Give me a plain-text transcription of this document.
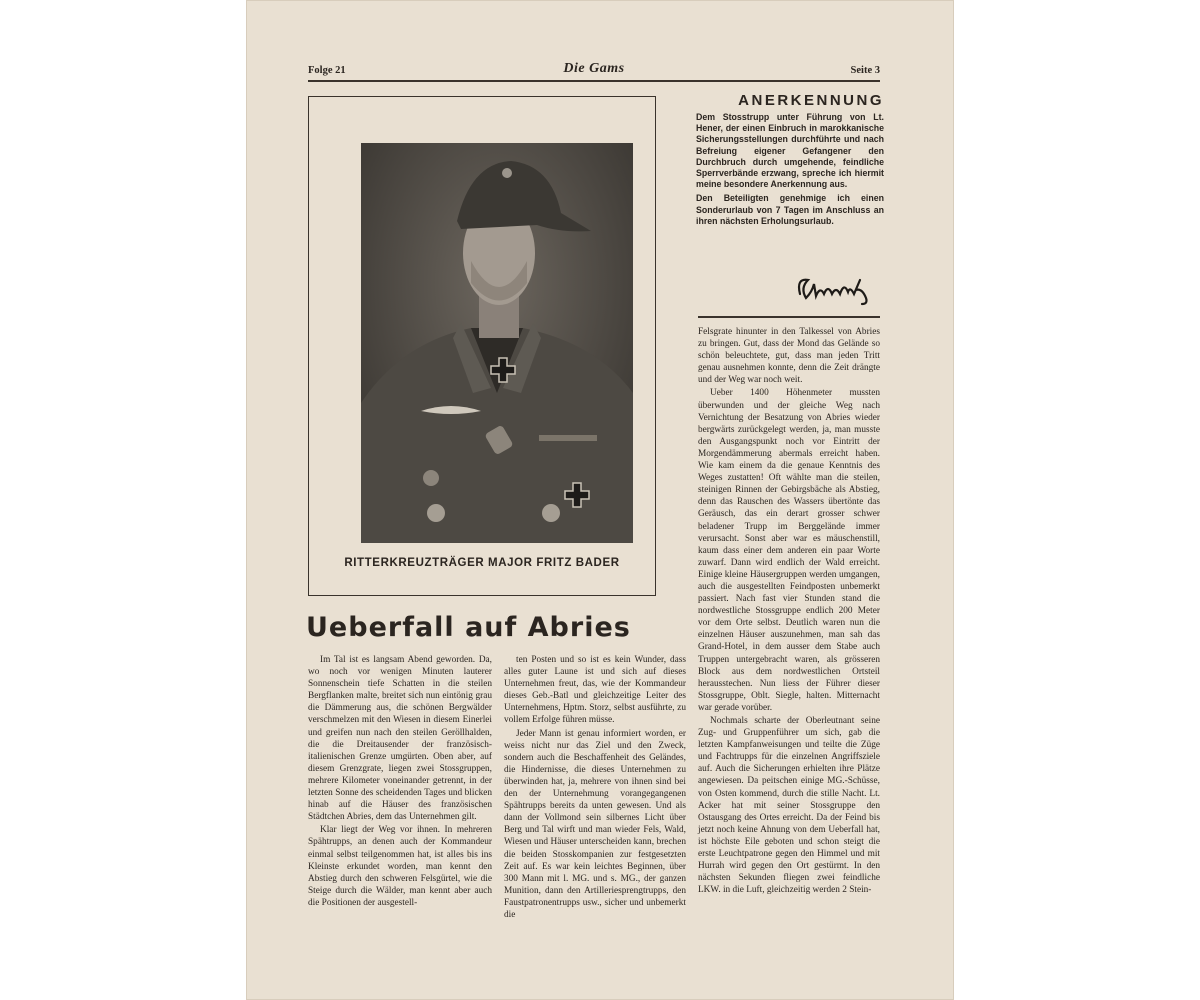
Folge 21	Die Gams	Seite 3
RITTERKREUZTRÄGER MAJOR FRITZ BADER
ANERKENNUNG

Dem Stosstrupp unter Führung von Lt. Hener, der einen Einbruch in marokkanische Sicherungsstellungen durchführte und nach Befreiung eigener Gefangener den Durchbruch durch umgehende, feindliche Sperrverbände erzwang, spreche ich hiermit meine besondere Anerkennung aus.

Den Beteiligten genehmige ich einen Sonderurlaub von 7 Tagen im Anschluss an ihren nächsten Erholungsurlaub.

Ueberfall auf Abries

Im Tal ist es langsam Abend geworden. Da, wo noch vor wenigen Minuten lauterer Sonnenschein tiefe Schatten in die steilen Bergflanken malte, breitet sich nun eintönig grau die Dämmerung aus, die schönen Bergwälder verschmelzen mit den Wiesen in diesem Einerlei und greifen nun nach den steilen Geröllhalden, die die Dreitausender der französisch-italienischen Grenze umgürten. Oben aber, auf diesem Grenzgrate, liegen zwei Stossgruppen, mehrere Kilometer voneinander getrennt, in der letzten Sonne des scheidenden Tages und blicken hinab auf die Häuser des französischen Städtchen Abries, dem das Unternehmen gilt.

Klar liegt der Weg vor ihnen. In mehreren Spähtrupps, an denen auch der Kommandeur einmal selbst teilgenommen hat, ist alles bis ins Kleinste erkundet worden, man kennt den Abstieg durch den schweren Felsgürtel, wie die Steige durch die Wälder, man kennt aber auch die Positionen der ausgestell-

ten Posten und so ist es kein Wunder, dass alles guter Laune ist und sich auf dieses Unternehmen freut, das, wie der Kommandeur dieses Geb.-Batl und gleichzeitige Leiter des Unternehmens, Hptm. Storz, selbst ausführte, zu vollem Erfolge führen müsse.

Jeder Mann ist genau informiert worden, er weiss nicht nur das Ziel und den Zweck, sondern auch die Beschaffenheit des Geländes, die Hindernisse, die dieses Unternehmen zu überwinden hat, ja, mehrere von ihnen sind bei den der Unternehmung vorangegangenen Spähtrupps bereits da unten gewesen. Und als dann der Vollmond sein silbernes Licht über Berg und Tal wirft und man wieder Fels, Wald, Wiesen und Häuser unterscheiden kann, brechen die beiden Stosskompanien zur festgesetzten Zeit auf. Es war kein leichtes Beginnen, über 300 Mann mit l. MG. und s. MG., der ganzen Munition, dann den Artilleriesprengtrupps, den Faustpatronentrupps usw., sicher und unbemerkt die

Felsgrate hinunter in den Talkessel von Abries zu bringen. Gut, dass der Mond das Gelände so schön beleuchtete, gut, dass man jeden Tritt genau ausnehmen konnte, denn die Zeit drängte und der Weg war noch weit.

Ueber 1400 Höhenmeter mussten überwunden und der gleiche Weg nach Vernichtung der Besatzung von Abries wieder bergwärts zurückgelegt werden, ja, man musste den Ausgangspunkt noch vor Eintritt der Morgendämmerung abermals erreicht haben. Wie kam einem da die genaue Kenntnis des Weges zustatten! Oft wählte man die steilen, steinigen Rinnen der Gebirgsbäche als Abstieg, denn das Rauschen des Wassers übertönte das Geräusch, das ein derart grosser schwer beladener Trupp im Berggelände immer verursacht. Sonst aber war es mäuschenstill, kaum dass einer dem anderen ein paar Worte zuwarf. Dann wird endlich der Wald erreicht. Einige kleine Häusergruppen werden umgangen, auch die ausgestellten Feindposten unbemerkt passiert. Nach fast vier Stunden stand die nordwestliche Stossgruppe endlich 200 Meter vor dem Orte selbst. Deutlich waren nun die einzelnen Häuser auszunehmen, man sah das Grand-Hotel, in dem ausser dem Stabe auch Truppen untergebracht waren, als grösseren Block aus dem nordwestlichen Ortsteil herausstechen. Nun liess der Führer dieser Stossgruppe, Oblt. Siegle, halten. Mitternacht war gerade vorüber.

Nochmals scharte der Oberleutnant seine Zug- und Gruppenführer um sich, gab die letzten Kampfanweisungen und teilte die Züge und Fachtrupps für die einzelnen Angriffsziele auf. Auch die Sicherungen erhielten ihre Plätze angewiesen. Da peitschen einige MG.-Schüsse, von Osten kommend, durch die stille Nacht. Lt. Acker hat mit seiner Stossgruppe den Ostausgang des Ortes erreicht. Da der Feind bis jetzt noch keine Ahnung von dem Ueberfall hat, ist höchste Eile geboten und schon steigt die erste Leuchtpatrone gegen den Himmel und mit Hurrah wird gegen den Ort gestürmt. In den nächsten Sekunden fliegen zwei feindliche LKW. in die Luft, gleichzeitig werden 2 Stein-
